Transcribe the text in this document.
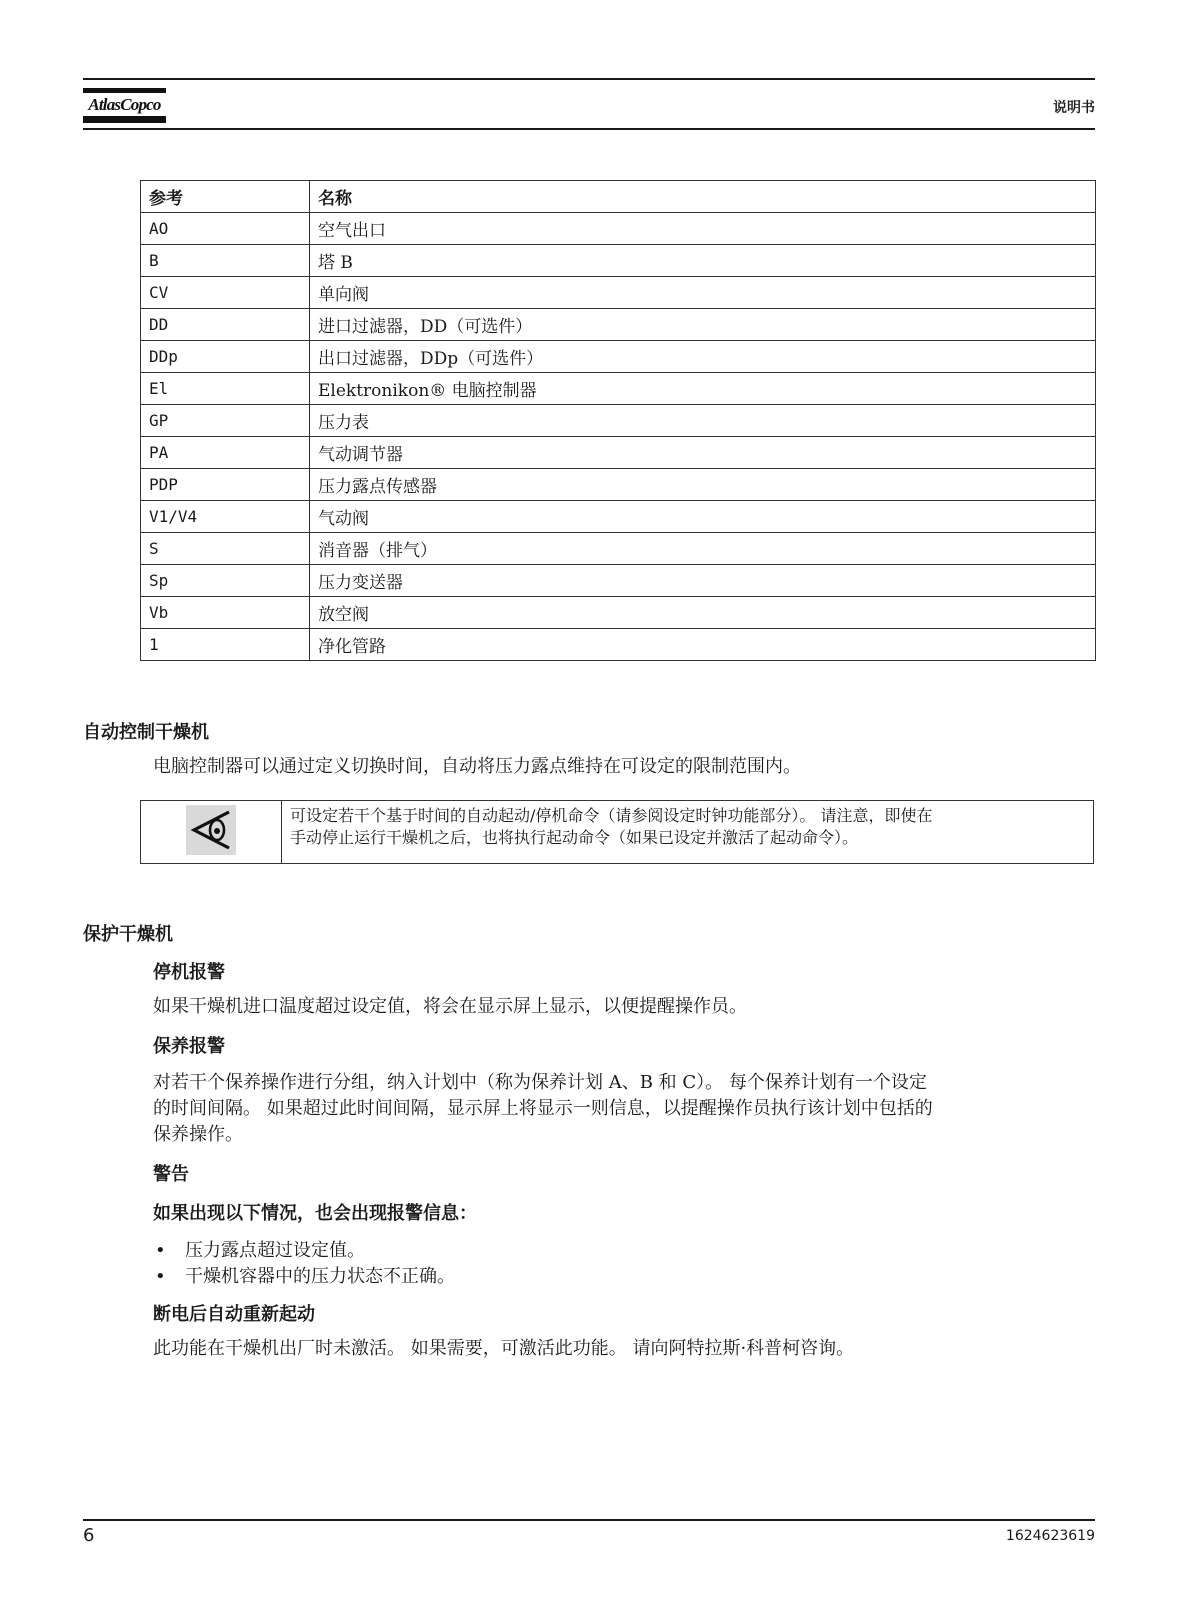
AtlasCopco	说明书
参考	名称
AO	空气出口
B	塔 B
CV	单向阀
DD	进口过滤器，DD（可选件）
DDp	出口过滤器，DDp（可选件）
El	Elektronikon® 电脑控制器
GP	压力表
PA	气动调节器
PDP	压力露点传感器
V1/V4	气动阀
S	消音器（排气）
Sp	压力变送器
Vb	放空阀
1	净化管路
自动控制干燥机
电脑控制器可以通过定义切换时间，自动将压力露点维持在可设定的限制范围内。
可设定若干个基于时间的自动起动/停机命令（请参阅设定时钟功能部分）。 请注意，即使在
手动停止运行干燥机之后，也将执行起动命令（如果已设定并激活了起动命令）。
保护干燥机
停机报警
如果干燥机进口温度超过设定值，将会在显示屏上显示，以便提醒操作员。
保养报警
对若干个保养操作进行分组，纳入计划中（称为保养计划 A、B 和 C）。 每个保养计划有一个设定
的时间间隔。 如果超过此时间间隔，显示屏上将显示一则信息，以提醒操作员执行该计划中包括的
保养操作。
警告
如果出现以下情况，也会出现报警信息：
• 压力露点超过设定值。
• 干燥机容器中的压力状态不正确。
断电后自动重新起动
此功能在干燥机出厂时未激活。 如果需要，可激活此功能。 请向阿特拉斯·科普柯咨询。
6	1624623619
